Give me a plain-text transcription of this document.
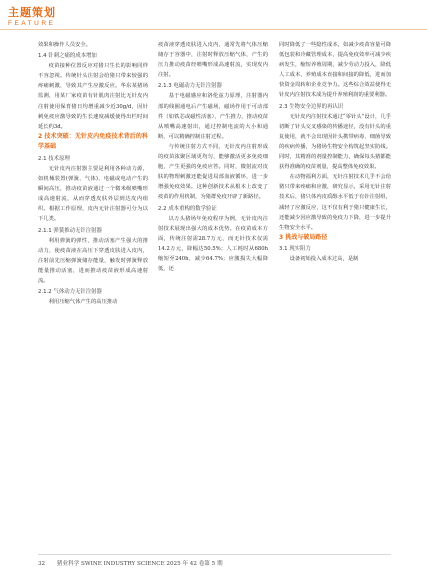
主题策划
FEATURE
效果和操作人员安全。
1.4 针刺之痛的成本增加
疫苗接种位置反应对猪只生长的影响同样不容忽视。传统针头注射会给猪只带来较强的疼痛刺激，导致其产生应激反应。华东某猪场监测，用某厂家疫苗有针肌肉注射比无针皮内注射使用保育猪日均增重减少近30g/d，因针刺免疫应激导致的生长速度减缓使得出栏时间延长约3d。
2 技术突破：无针皮内免疫技术背后的科学基础
2.1 技术原理
无针皮内注射器主要是利用各种动力源，如机械装置(弹簧、气体)、电磁或电动产生的瞬间高压，推动疫苗液通过一个微米级喷嘴形成高速射流，从而穿透皮肤外层到达皮内组织。根据工作原理，皮内无针注射器可分为以下几类。
2.1.1 弹簧推动无针注射器
利用弹簧的弹性，推动活塞产生强大的推动力，使疫苗液在高压下穿透皮肤进入皮内，注射前先压缩弹簧储存能量，触发时弹簧释放能量推动活塞，进而推动疫苗液形成高速射流。
2.1.2 气体动力无针注射器
利用压缩气体产生的高压推动
疫苗液穿透皮肤进入皮内，通常先将气体压缩储存于容器中，注射时释放压缩气体，产生的压力推动疫苗经喷嘴形成高速射流，实现皮内注射。
2.1.3 电磁动力无针注射器
基于电磁感应和洛伦兹力原理，注射器内部的线圈通电后产生磁场，磁场作用于可动部件（如铁芯或磁性活塞），产生推力，推动疫苗从喷嘴高速射出，通过控制电流的大小和通断，可以精确控制注射过程。
与传统注射方式不同，无针皮内注射形成的疫苗浓聚区域更均匀，能够激活更多免疫细胞，产生更强的免疫应答。同时，微射流对皮肤的物理刺激还能促进局部血液循环，进一步增强免疫效果。这种创新技术从根本上改变了疫苗的作用机制，为猪群免疫开辟了新路径。
2.2 成本重构的数学验证
以万头猪场年免疫程序为例，无针皮内注射技术展现出强大的成本优势。在疫苗成本方面，传统注射需28.7万元，而无针技术仅需14.2万元，降幅达50.5%；人工耗时从680h缩短至240h，减少64.7%；应激损失大幅降低，还
同时降低了一些隐性成本，如减少疫苗容量可降低包装和冷藏管理成本，提高免疫效率可减少疾病发生，缩短养殖周期，减少劳动力投入，降低人工成本，养殖成本直接和间接的降低，进而加快资金周转和企业竞争力。这些综合效益使得无针皮内注射技术成为提升养殖利润的重要利器。
2.3 生物安全边界的再认识
无针皮内注射技术通过“零针头”设计，几乎切断了针头交叉感染的传播途径，没有针头的重复使用，就不会出现因针头携带病毒、细菌导致的疾病传播，为猪场生物安全构筑起坚实防线。同时，其精准的剂量控制能力，确保每头猪都能获得准确的疫苗剂量，提高整体免疫效果。
在动物福利方面，无针注射技术几乎不会给猪只带来疼痛和应激，研究显示，采用无针注射技术后，猪只体内皮质醇水平低于有针注射组，减轻了应激反应，这不仅有利于猪只健康生长，还能减少因应激导致的免疫力下降，进一步提升生物安全水平。
3 挑战与破局路径
3.1 现实阻力
设备初始投入成本过高，是制
32 猪业科学 SWINE INDUSTRY SCIENCE 2025 年 42 卷第 5 期
